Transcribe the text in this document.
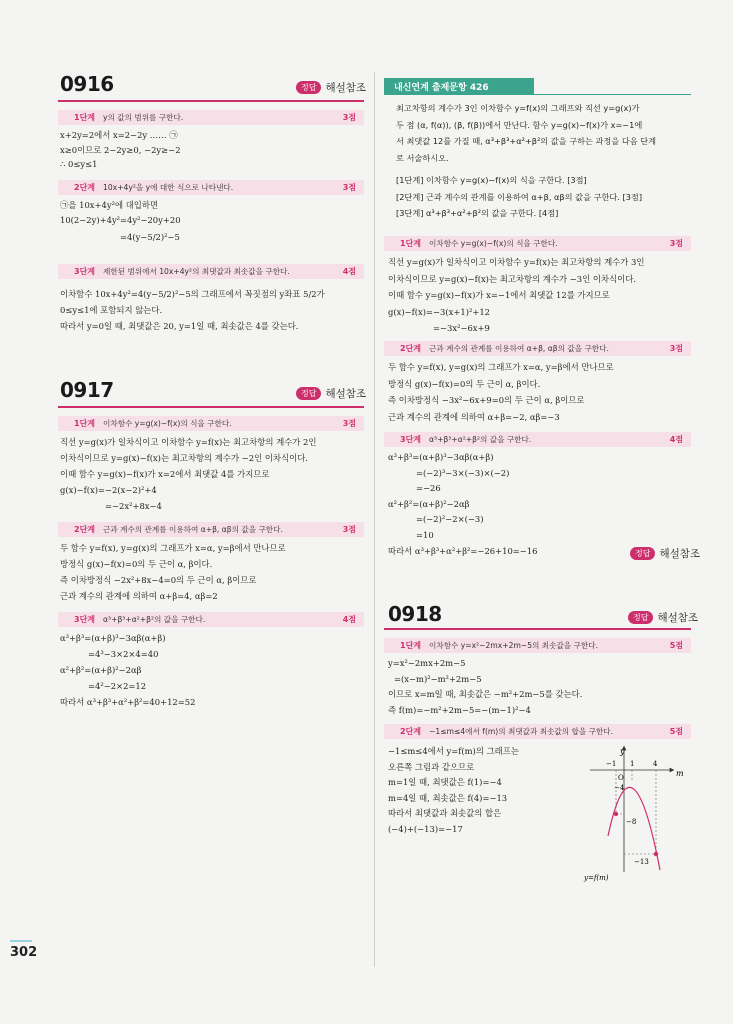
0916	정답 해설참조
1단계	y의 값의 범위를 구한다.	3점
x+2y=2에서 x=2−2y …… ㉠
x≥0이므로 2−2y≥0, −2y≥−2
∴ 0≤y≤1
2단계	10x+4y²을 y에 대한 식으로 나타낸다.	3점
㉠을 10x+4y²에 대입하면
10(2−2y)+4y²=4y²−20y+20
=4(y−5/2)²−5
3단계	제한된 범위에서 10x+4y²의 최댓값과 최솟값을 구한다.	4점
이차함수 10x+4y²=4(y−5/2)²−5의 그래프에서 꼭짓점의 y좌표 5/2가
0≤y≤1에 포함되지 않는다.
따라서 y=0일 때, 최댓값은 20, y=1일 때, 최솟값은 4를 갖는다.
0917	정답 해설참조
1단계	이차함수 y=g(x)−f(x)의 식을 구한다.	3점
직선 y=g(x)가 일차식이고 이차함수 y=f(x)는 최고차항의 계수가 2인
이차식이므로 y=g(x)−f(x)는 최고차항의 계수가 −2인 이차식이다.
이때 함수 y=g(x)−f(x)가 x=2에서 최댓값 4를 가지므로
g(x)−f(x)=−2(x−2)²+4
=−2x²+8x−4
2단계	근과 계수의 관계를 이용하여 α+β, αβ의 값을 구한다.	3점
두 함수 y=f(x), y=g(x)의 그래프가 x=α, y=β에서 만나므로
방정식 g(x)−f(x)=0의 두 근이 α, β이다.
즉 이차방정식 −2x²+8x−4=0의 두 근이 α, β이므로
근과 계수의 관계에 의하여 α+β=4, αβ=2
3단계	α³+β³+α²+β²의 값을 구한다.	4점
α³+β³=(α+β)³−3αβ(α+β)
=4³−3×2×4=40
α²+β²=(α+β)²−2αβ
=4²−2×2=12
따라서 α³+β³+α²+β²=40+12=52
내신연계 출제문항 426
최고차항의 계수가 3인 이차함수 y=f(x)의 그래프와 직선 y=g(x)가
두 점 (α, f(α)), (β, f(β))에서 만난다. 함수 y=g(x)−f(x)가 x=−1에
서 최댓값 12를 가질 때, α³+β³+α²+β²의 값을 구하는 과정을 다음 단계
로 서술하시오.
[1단계] 이차함수 y=g(x)−f(x)의 식을 구한다. [3점]
[2단계] 근과 계수의 관계를 이용하여 α+β, αβ의 값을 구한다. [3점]
[3단계] α³+β³+α²+β²의 값을 구한다. [4점]
1단계	이차함수 y=g(x)−f(x)의 식을 구한다.	3점
직선 y=g(x)가 일차식이고 이차함수 y=f(x)는 최고차항의 계수가 3인
이차식이므로 y=g(x)−f(x)는 최고차항의 계수가 −3인 이차식이다.
이때 함수 y=g(x)−f(x)가 x=−1에서 최댓값 12를 가지므로
g(x)−f(x)=−3(x+1)²+12
=−3x²−6x+9
2단계	근과 계수의 관계를 이용하여 α+β, αβ의 값을 구한다.	3점
두 함수 y=f(x), y=g(x)의 그래프가 x=α, y=β에서 만나므로
방정식 g(x)−f(x)=0의 두 근이 α, β이다.
즉 이차방정식 −3x²−6x+9=0의 두 근이 α, β이므로
근과 계수의 관계에 의하여 α+β=−2, αβ=−3
3단계	α³+β³+α²+β²의 값을 구한다.	4점
α³+β³=(α+β)³−3αβ(α+β)
=(−2)³−3×(−3)×(−2)
=−26
α²+β²=(α+β)²−2αβ
=(−2)²−2×(−3)
=10
따라서 α³+β³+α²+β²=−26+10=−16	정답 해설참조
0918	정답 해설참조
1단계	이차함수 y=x²−2mx+2m−5의 최솟값을 구한다.	5점
y=x²−2mx+2m−5
=(x−m)²−m²+2m−5
이므로 x=m일 때, 최솟값은 −m²+2m−5를 갖는다.
즉 f(m)=−m²+2m−5=−(m−1)²−4
2단계	−1≤m≤4에서 f(m)의 최댓값과 최솟값의 합을 구한다.	5점
−1≤m≤4에서 y=f(m)의 그래프는
오른쪽 그림과 같으므로
m=1일 때, 최댓값은 f(1)=−4
m=4일 때, 최솟값은 f(4)=−13
따라서 최댓값과 최솟값의 합은
(−4)+(−13)=−17
y
m
O
−1 1	4
−4
−8
−13
y=f(m)
302
